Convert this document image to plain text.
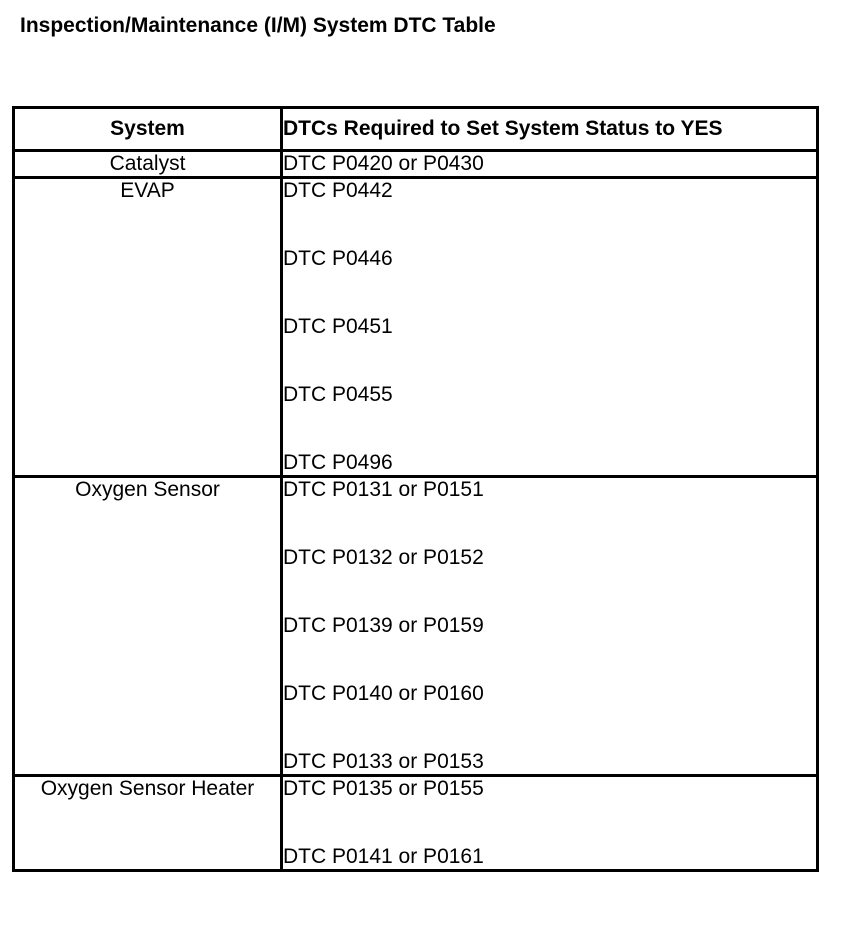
Inspection/Maintenance (I/M) System DTC Table
System	DTCs Required to Set System Status to YES
Catalyst	DTC P0420 or P0430

EVAP	DTC P0442
DTC P0446
DTC P0451
DTC P0455
DTC P0496

Oxygen Sensor	DTC P0131 or P0151
DTC P0132 or P0152
DTC P0139 or P0159
DTC P0140 or P0160
DTC P0133 or P0153

Oxygen Sensor Heater	DTC P0135 or P0155
DTC P0141 or P0161
